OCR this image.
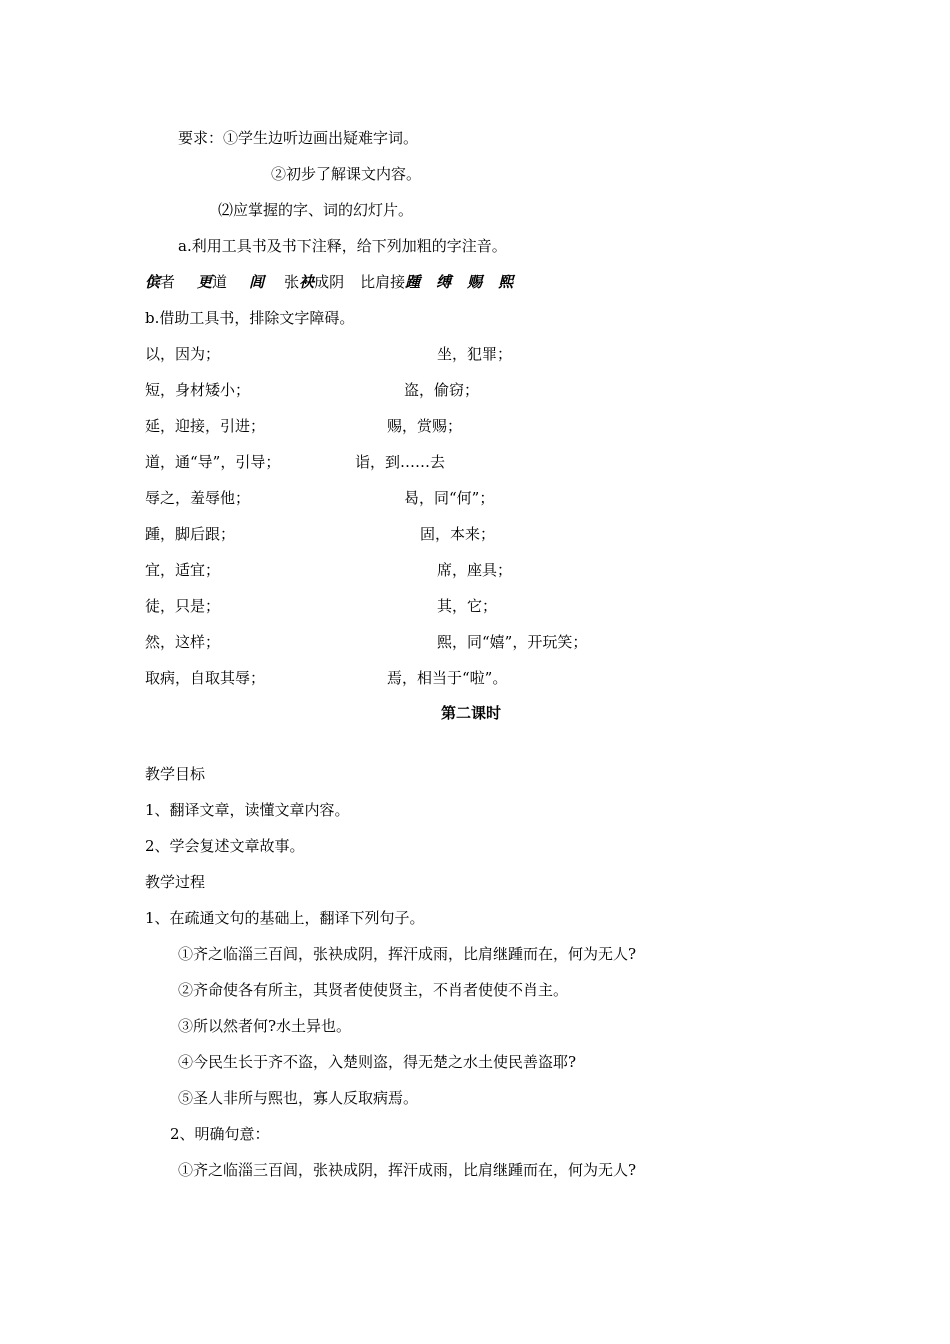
要求：①学生边听边画出疑难字词。
②初步了解课文内容。
⑵应掌握的字、词的幻灯片。
a.利用工具书及书下注释，给下列加粗的字注音。
傧者 更道 闾 张袂成阴 比肩接踵 缚 赐 熙
b.借助工具书，排除文字障碍。
以，因为；	坐，犯罪；
短，身材矮小；	盗，偷窃；
延，迎接，引进；	赐，赏赐；
道，通“导”，引导；	诣，到……去
辱之，羞辱他；	曷，同“何”；
踵，脚后跟；	固，本来；
宜，适宜；	席，座具；
徒，只是；	其，它；
然，这样；	熙，同“嬉”，开玩笑；
取病，自取其辱；	焉，相当于“啦”。
第二课时
教学目标
1、翻译文章，读懂文章内容。
2、学会复述文章故事。
教学过程
1、在疏通文句的基础上，翻译下列句子。
①齐之临淄三百闾，张袂成阴，挥汗成雨，比肩继踵而在，何为无人?
②齐命使各有所主，其贤者使使贤主，不肖者使使不肖主。
③所以然者何?水土异也。
④今民生长于齐不盗，入楚则盗，得无楚之水土使民善盗耶?
⑤圣人非所与熙也，寡人反取病焉。
2、明确句意：
①齐之临淄三百闾，张袂成阴，挥汗成雨，比肩继踵而在，何为无人?
